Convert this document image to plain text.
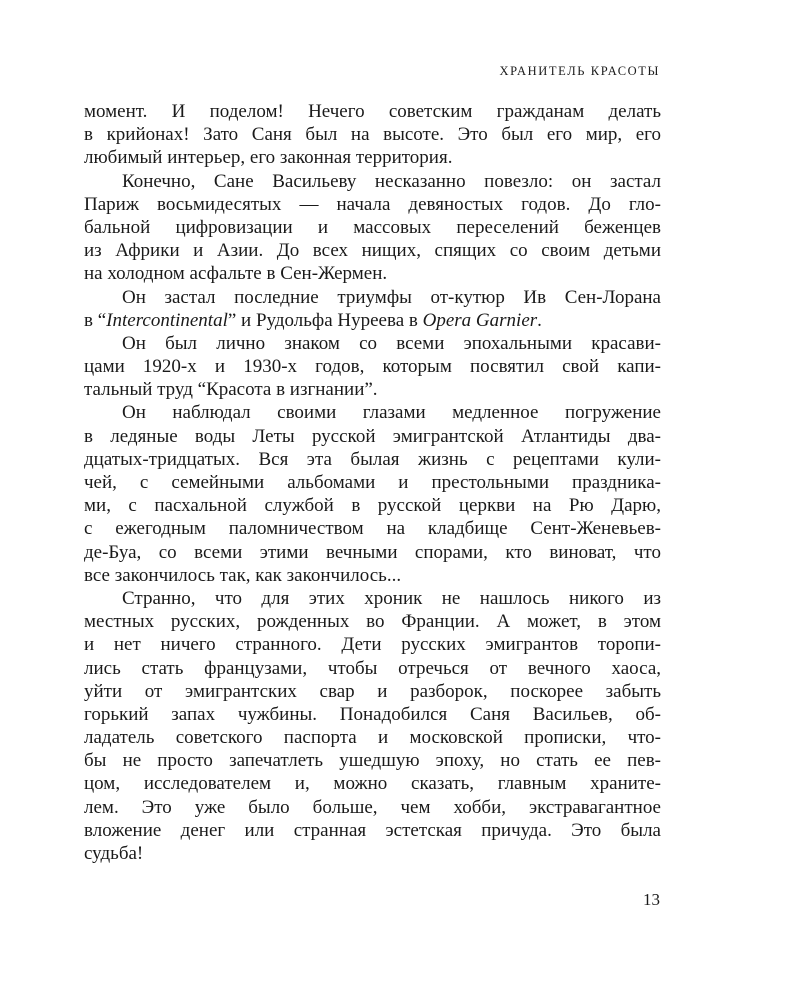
ХРАНИТЕЛЬ КРАСОТЫ
момент. И поделом! Нечего советским гражданам делать
в крийонах! Зато Саня был на высоте. Это был его мир, его
любимый интерьер, его законная территория.
Конечно, Сане Васильеву несказанно повезло: он застал
Париж восьмидесятых — начала девяностых годов. До гло-
бальной цифровизации и массовых переселений беженцев
из Африки и Азии. До всех нищих, спящих со своим детьми
на холодном асфальте в Сен-Жермен.
Он застал последние триумфы от-кутюр Ив Сен-Лорана
в “Intercontinental” и Рудольфа Нуреева в Opera Garnier.
Он был лично знаком со всеми эпохальными красави-
цами 1920-х и 1930-х годов, которым посвятил свой капи-
тальный труд “Красота в изгнании”.
Он наблюдал своими глазами медленное погружение
в ледяные воды Леты русской эмигрантской Атлантиды два-
дцатых-тридцатых. Вся эта былая жизнь с рецептами кули-
чей, с семейными альбомами и престольными праздника-
ми, с пасхальной службой в русской церкви на Рю Дарю,
с ежегодным паломничеством на кладбище Сент-Женевьев-
де-Буа, со всеми этими вечными спорами, кто виноват, что
все закончилось так, как закончилось...
Странно, что для этих хроник не нашлось никого из
местных русских, рожденных во Франции. А может, в этом
и нет ничего странного. Дети русских эмигрантов торопи-
лись стать французами, чтобы отречься от вечного хаоса,
уйти от эмигрантских свар и разборок, поскорее забыть
горький запах чужбины. Понадобился Саня Васильев, об-
ладатель советского паспорта и московской прописки, что-
бы не просто запечатлеть ушедшую эпоху, но стать ее пев-
цом, исследователем и, можно сказать, главным храните-
лем. Это уже было больше, чем хобби, экстравагантное
вложение денег или странная эстетская причуда. Это была
судьба!
13
